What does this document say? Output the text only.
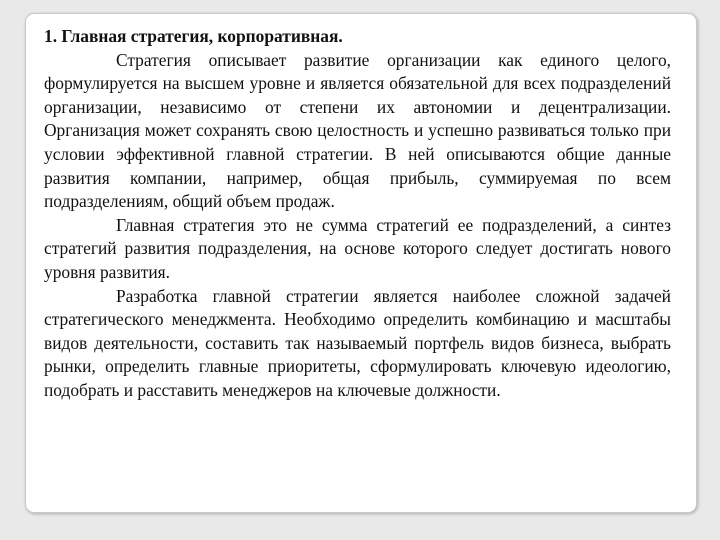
1. Главная стратегия, корпоративная.

Стратегия описывает развитие организации как единого целого, формулируется на высшем уровне и является обязательной для всех подразделений организации, независимо от степени их автономии и децентрализации. Организация может сохранять свою целостность и успешно развиваться только при условии эффективной главной стратегии. В ней описываются общие данные развития компании, например, общая прибыль, суммируемая по всем подразделениям, общий объем продаж.

Главная стратегия это не сумма стратегий ее подразделений, а синтез стратегий развития подразделения, на основе которого следует достигать нового уровня развития.

Разработка главной стратегии является наиболее сложной задачей стратегического менеджмента. Необходимо определить комбинацию и масштабы видов деятельности, составить так называемый портфель видов бизнеса, выбрать рынки, определить главные приоритеты, сформулировать ключевую идеологию, подобрать и расставить менеджеров на ключевые должности.
